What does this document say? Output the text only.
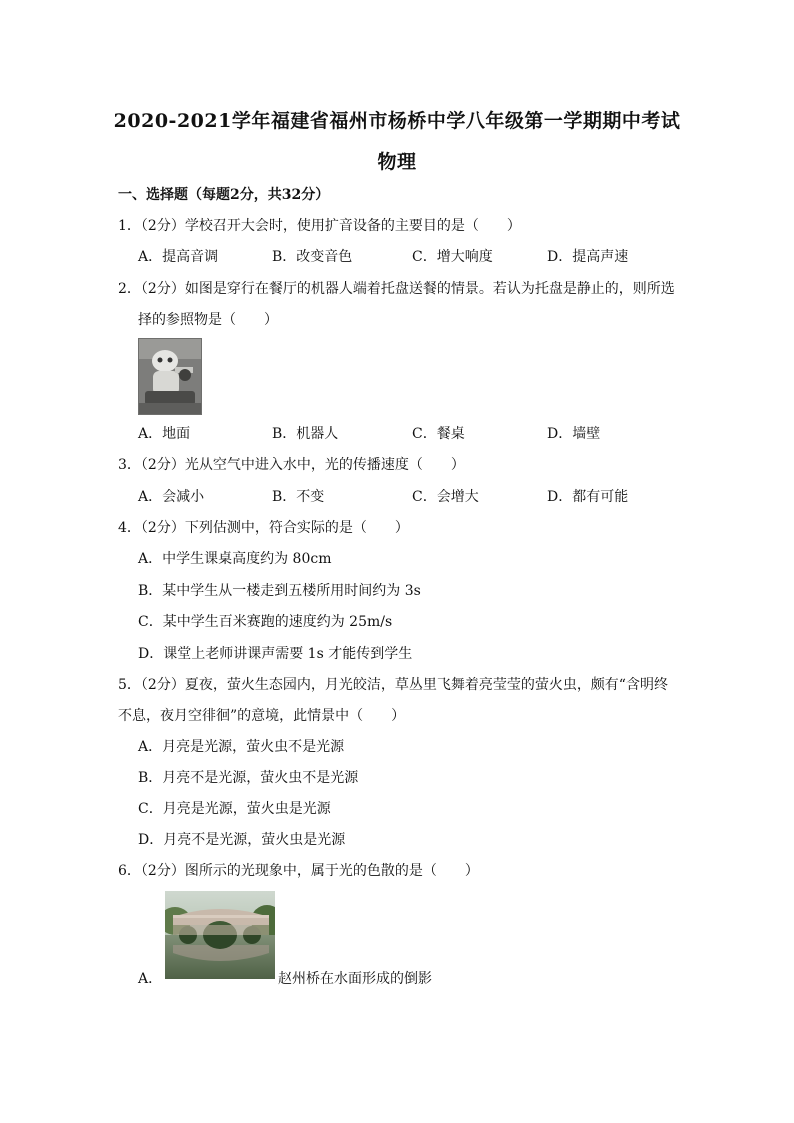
2020-2021学年福建省福州市杨桥中学八年级第一学期期中考试
物理
一、选择题（每题2分，共32分）
1．（2分）学校召开大会时，使用扩音设备的主要目的是（　　）
A．提高音调	B．改变音色	C．增大响度	D．提高声速
2．（2分）如图是穿行在餐厅的机器人端着托盘送餐的情景。若认为托盘是静止的，则所选
择的参照物是（　　）
A．地面	B．机器人	C．餐桌	D．墙壁
3．（2分）光从空气中进入水中，光的传播速度（　　）
A．会减小	B．不变	C．会增大	D．都有可能
4．（2分）下列估测中，符合实际的是（　　）
A．中学生课桌高度约为 80cm
B．某中学生从一楼走到五楼所用时间约为 3s
C．某中学生百米赛跑的速度约为 25m/s
D．课堂上老师讲课声需要 1s 才能传到学生
5．（2分）夏夜，萤火生态园内，月光皎洁，草丛里飞舞着亮莹莹的萤火虫，颇有“含明终
不息，夜月空徘徊”的意境，此情景中（　　）
A．月亮是光源，萤火虫不是光源
B．月亮不是光源，萤火虫不是光源
C．月亮是光源，萤火虫是光源
D．月亮不是光源，萤火虫是光源
6．（2分）图所示的光现象中，属于光的色散的是（　　）
A．	赵州桥在水面形成的倒影
